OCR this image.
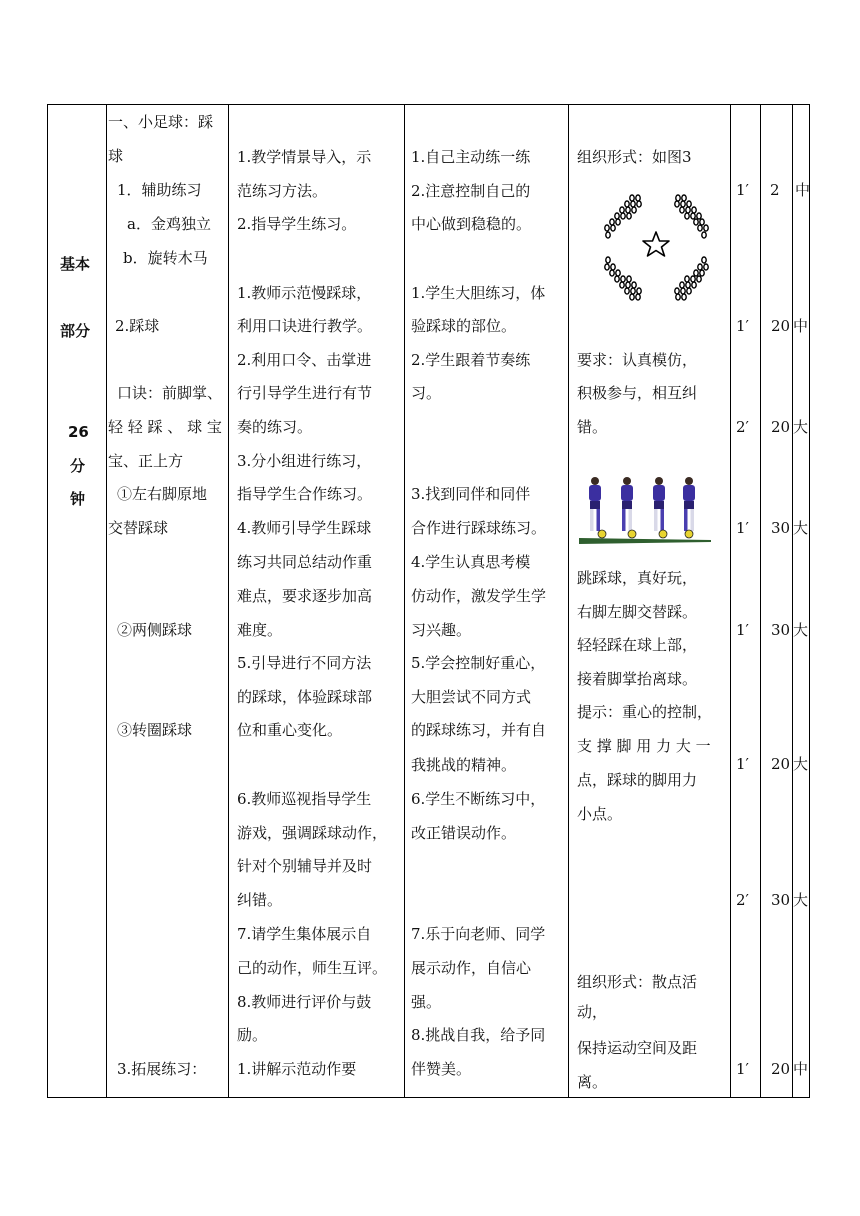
基本
部分
26
分
钟
一、小足球：踩
球
1．辅助练习
a．金鸡独立
b．旋转木马
2.踩球
口诀：前脚掌、
轻 轻 踩 、 球 宝
宝、正上方
①左右脚原地
交替踩球
②两侧踩球
③转圈踩球
3.拓展练习：
1.教学情景导入，示
范练习方法。
2.指导学生练习。
1.教师示范慢踩球，
利用口诀进行教学。
2.利用口令、击掌进
行引导学生进行有节
奏的练习。
3.分小组进行练习，
指导学生合作练习。
4.教师引导学生踩球
练习共同总结动作重
难点，要求逐步加高
难度。
5.引导进行不同方法
的踩球，体验踩球部
位和重心变化。
6.教师巡视指导学生
游戏，强调踩球动作，
针对个别辅导并及时
纠错。
7.请学生集体展示自
己的动作，师生互评。
8.教师进行评价与鼓
励。
1.讲解示范动作要
1.自己主动练一练
2.注意控制自己的
中心做到稳稳的。
1.学生大胆练习，体
验踩球的部位。
2.学生跟着节奏练
习。
3.找到同伴和同伴
合作进行踩球练习。
4.学生认真思考模
仿动作，激发学生学
习兴趣。
5.学会控制好重心，
大胆尝试不同方式
的踩球练习，并有自
我挑战的精神。
6.学生不断练习中，
改正错误动作。
7.乐于向老师、同学
展示动作，自信心
强。
8.挑战自我，给予同
伴赞美。
组织形式：如图3
要求：认真模仿，
积极参与，相互纠
错。
跳踩球，真好玩，
右脚左脚交替踩。
轻轻踩在球上部，
接着脚掌抬离球。
提示：重心的控制，
支 撑 脚 用 力 大 一
点，踩球的脚用力
小点。
组织形式：散点活
动，
保持运动空间及距
离。
1′ 2 中
1′ 20 中
2′ 20 大
1′ 30 大
1′ 30 大
1′ 20 大
2′ 30 大
1′ 20 中
